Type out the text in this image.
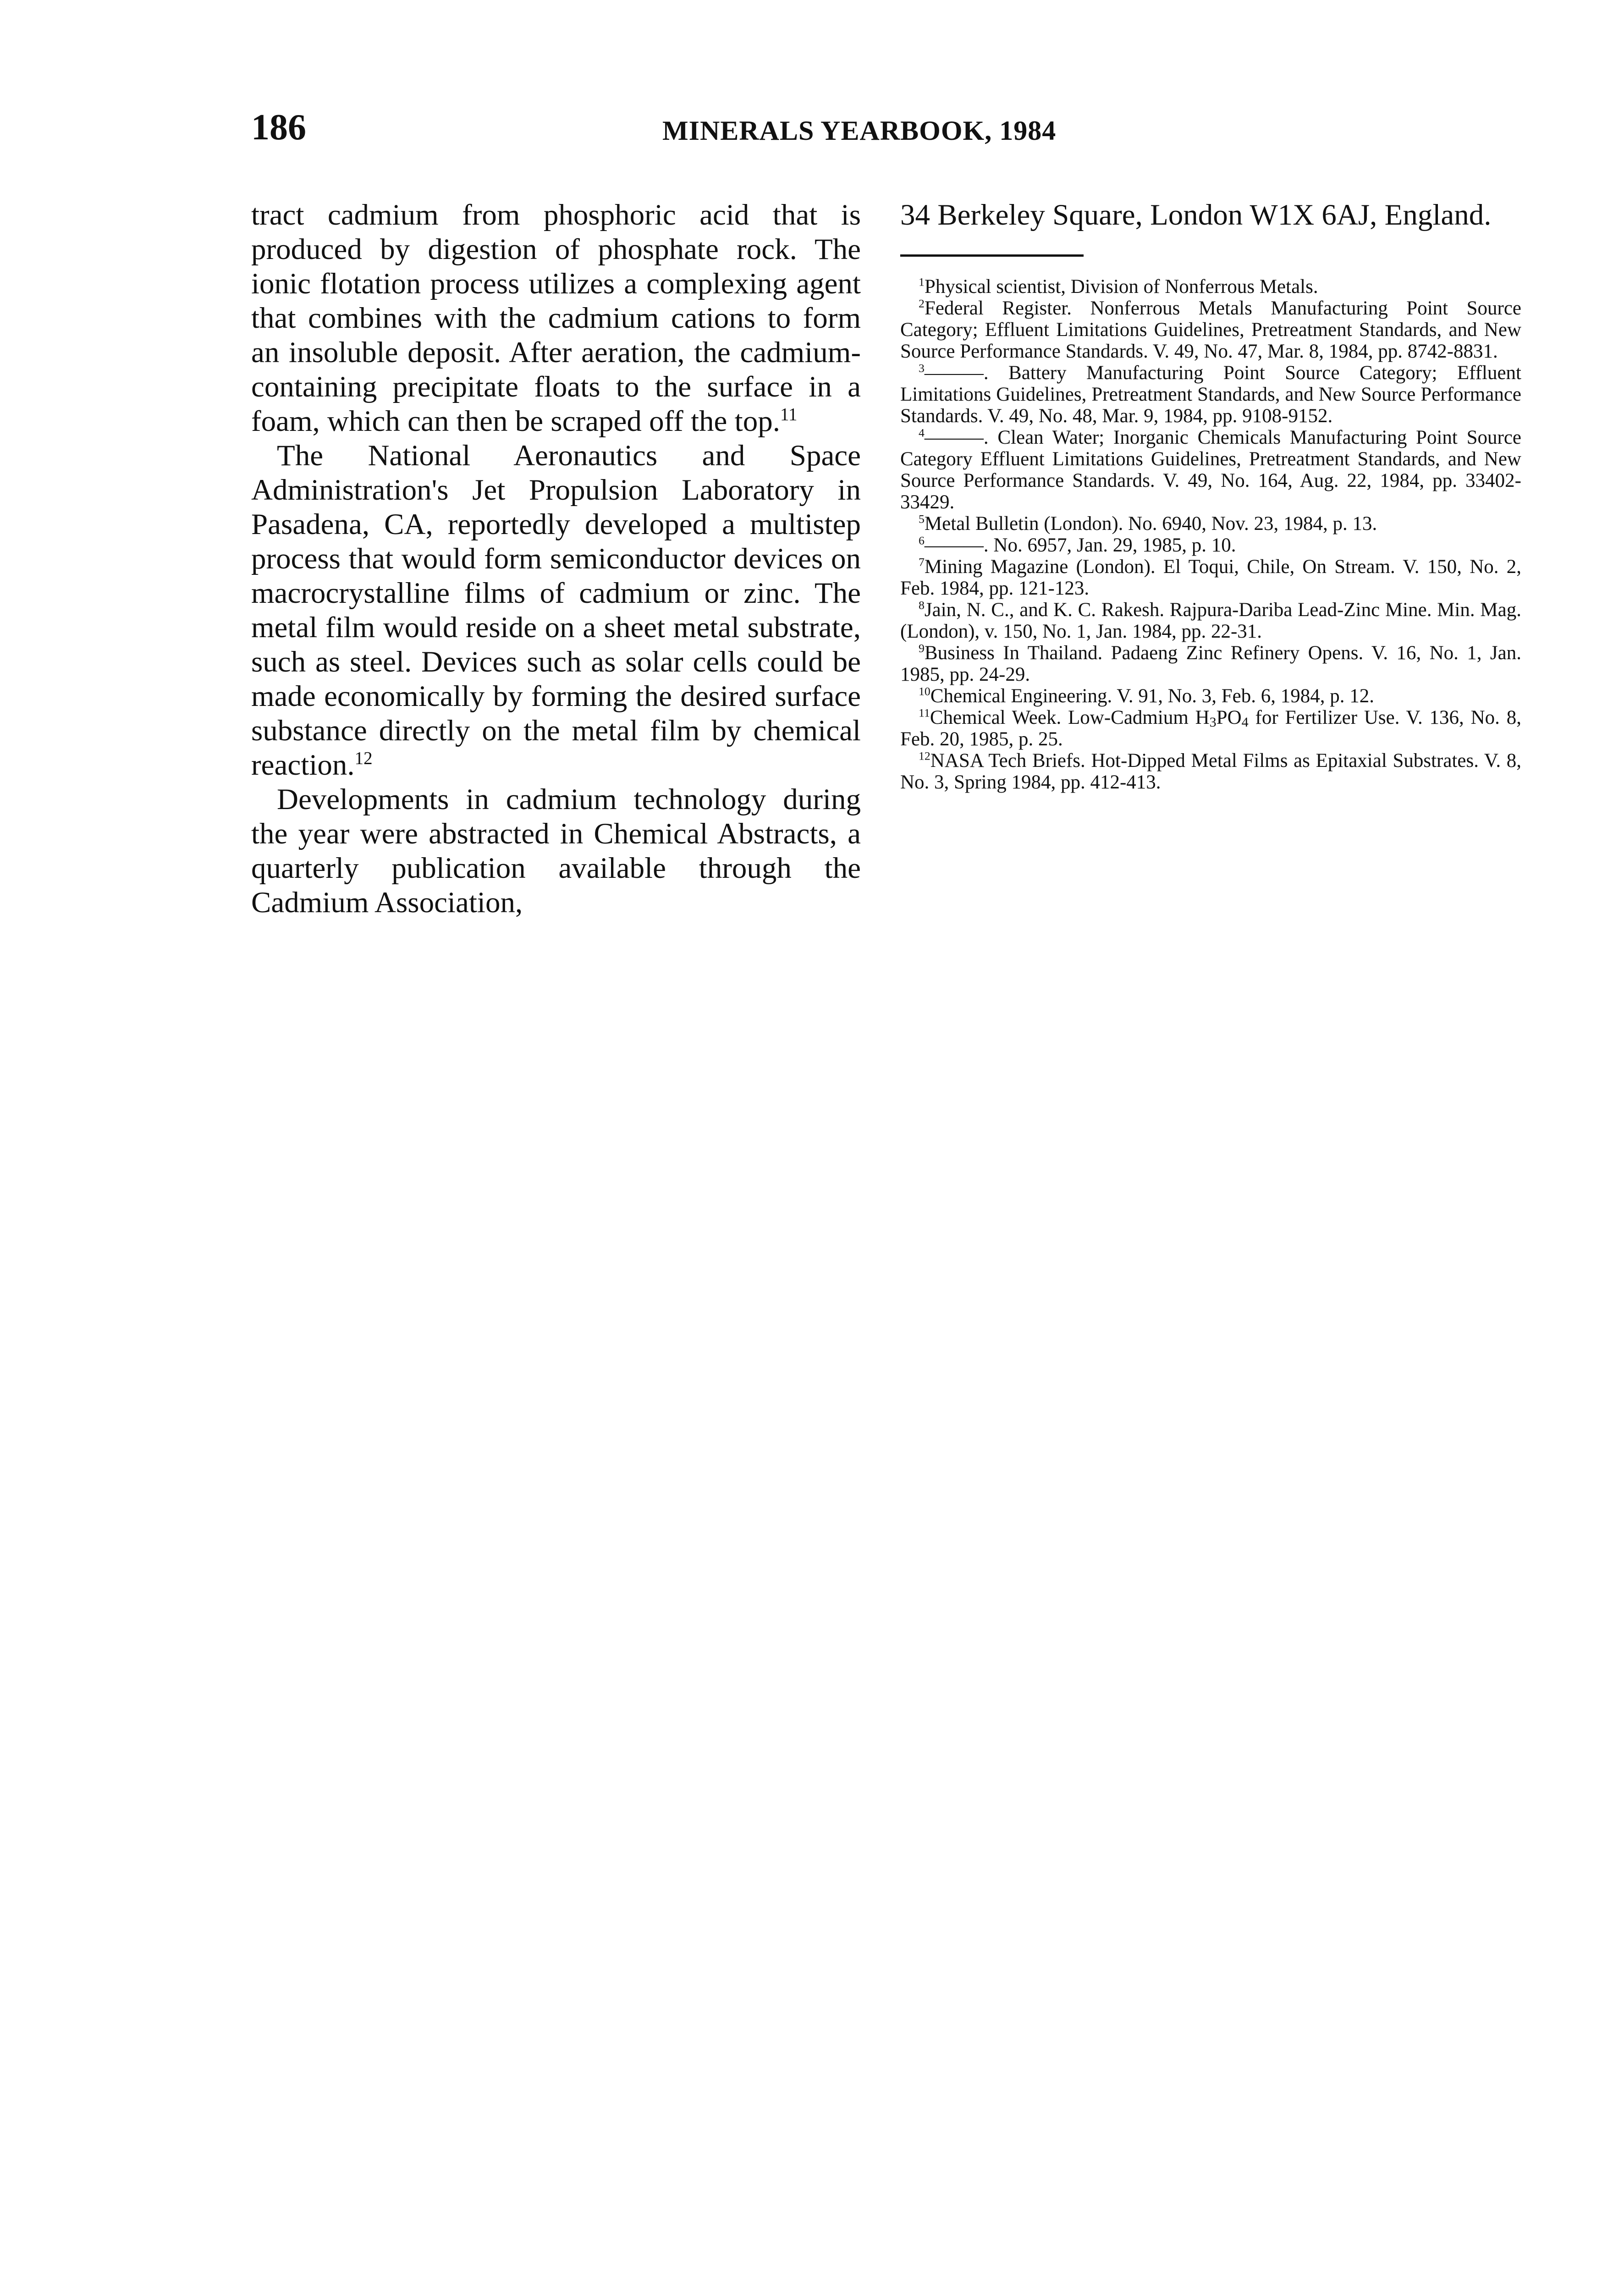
186	MINERALS YEARBOOK, 1984

tract cadmium from phosphoric acid that is produced by digestion of phosphate rock. The ionic flotation process utilizes a complexing agent that combines with the cadmium cations to form an insoluble deposit. After aeration, the cadmium-containing precipitate floats to the surface in a foam, which can then be scraped off the top.$^{11}$

The National Aeronautics and Space Administration's Jet Propulsion Laboratory in Pasadena, CA, reportedly developed a multistep process that would form semiconductor devices on macrocrystalline films of cadmium or zinc. The metal film would reside on a sheet metal substrate, such as steel. Devices such as solar cells could be made economically by forming the desired surface substance directly on the metal film by chemical reaction.$^{12}$

Developments in cadmium technology during the year were abstracted in Chemical Abstracts, a quarterly publication available through the Cadmium Association,

34 Berkeley Square, London W1X 6AJ, England.

$^1$Physical scientist, Division of Nonferrous Metals.

$^2$Federal Register. Nonferrous Metals Manufacturing Point Source Category; Effluent Limitations Guidelines, Pretreatment Standards, and New Source Performance Standards. V. 49, No. 47, Mar. 8, 1984, pp. 8742-8831.

$^3$———. Battery Manufacturing Point Source Category; Effluent Limitations Guidelines, Pretreatment Standards, and New Source Performance Standards. V. 49, No. 48, Mar. 9, 1984, pp. 9108-9152.

$^4$———. Clean Water; Inorganic Chemicals Manufacturing Point Source Category Effluent Limitations Guidelines, Pretreatment Standards, and New Source Performance Standards. V. 49, No. 164, Aug. 22, 1984, pp. 33402-33429.

$^5$Metal Bulletin (London). No. 6940, Nov. 23, 1984, p. 13.

$^6$———. No. 6957, Jan. 29, 1985, p. 10.

$^7$Mining Magazine (London). El Toqui, Chile, On Stream. V. 150, No. 2, Feb. 1984, pp. 121-123.

$^8$Jain, N. C., and K. C. Rakesh. Rajpura-Dariba Lead-Zinc Mine. Min. Mag. (London), v. 150, No. 1, Jan. 1984, pp. 22-31.

$^9$Business In Thailand. Padaeng Zinc Refinery Opens. V. 16, No. 1, Jan. 1985, pp. 24-29.

$^{10}$Chemical Engineering. V. 91, No. 3, Feb. 6, 1984, p. 12.

$^{11}$Chemical Week. Low-Cadmium $H_3PO_4$ for Fertilizer Use. V. 136, No. 8, Feb. 20, 1985, p. 25.

$^{12}$NASA Tech Briefs. Hot-Dipped Metal Films as Epitaxial Substrates. V. 8, No. 3, Spring 1984, pp. 412-413.
